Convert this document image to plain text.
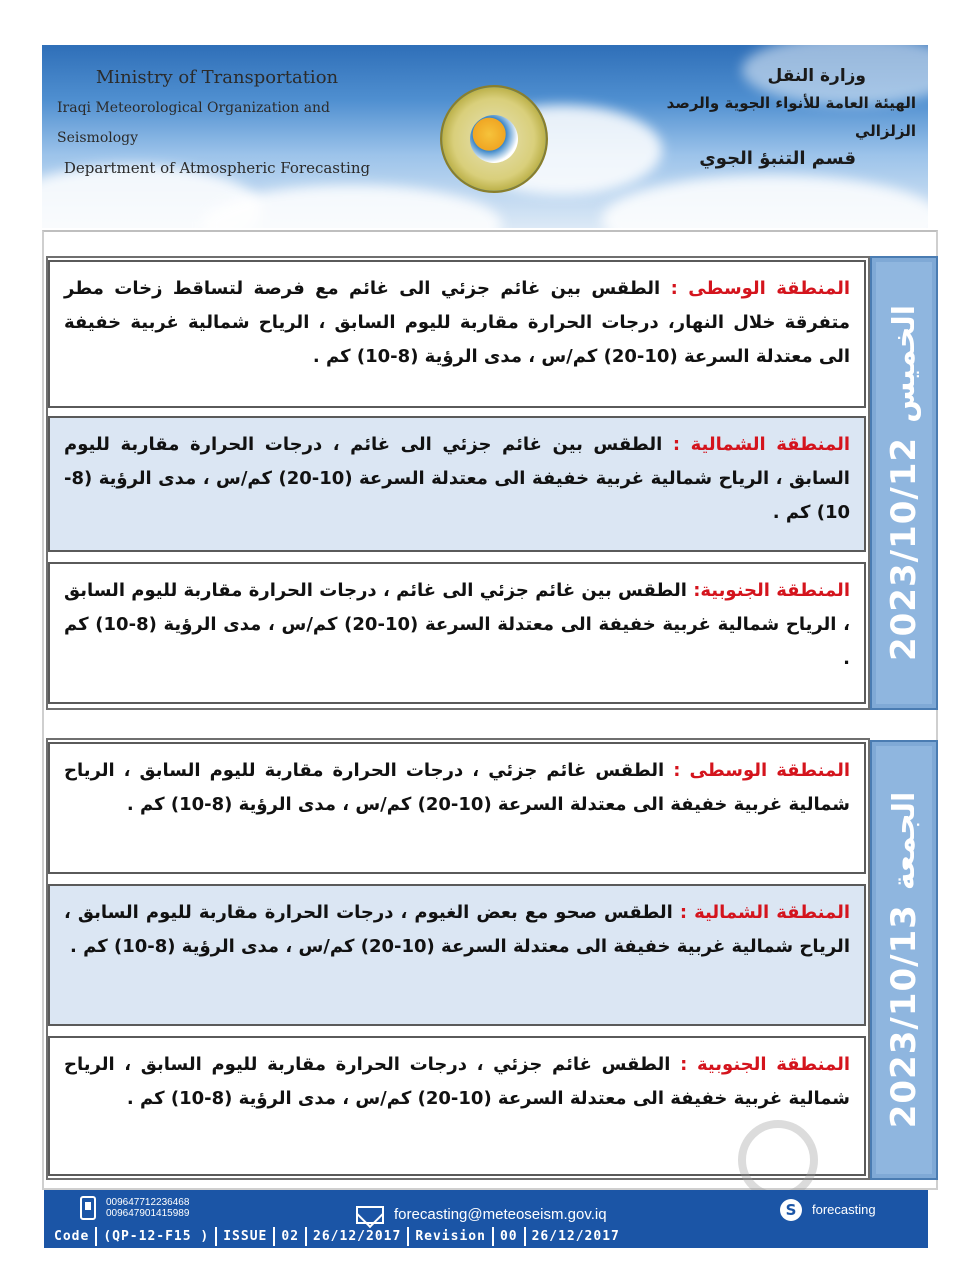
Ministry of Transportation
Iraqi Meteorological Organization and Seismology
Department of Atmospheric Forecasting
وزارة النقل
الهيئة العامة للأنواء الجوية والرصد الزلزالي
قسم التنبؤ الجوي
2023/10/12
الخميس
المنطقة الوسطى : الطقس بين غائم جزئي الى غائم مع فرصة لتساقط زخات مطر متفرقة خلال النهار، درجات الحرارة مقاربة لليوم السابق ، الرياح شمالية غربية خفيفة الى معتدلة السرعة (10-20) كم/س ، مدى الرؤية (8-10) كم .
المنطقة الشمالية : الطقس بين غائم جزئي الى غائم ، درجات الحرارة مقاربة لليوم السابق ، الرياح شمالية غربية خفيفة الى معتدلة السرعة (10-20) كم/س ، مدى الرؤية (8-10) كم .
المنطقة الجنوبية: الطقس بين غائم جزئي الى غائم ، درجات الحرارة مقاربة لليوم السابق ، الرياح شمالية غربية خفيفة الى معتدلة السرعة (10-20) كم/س ، مدى الرؤية (8-10) كم .
2023/10/13
الجمعة
المنطقة الوسطى : الطقس غائم جزئي ، درجات الحرارة مقاربة لليوم السابق ، الرياح شمالية غربية خفيفة الى معتدلة السرعة (10-20) كم/س ، مدى الرؤية (8-10) كم .
المنطقة الشمالية : الطقس صحو مع بعض الغيوم ، درجات الحرارة مقاربة لليوم السابق ، الرياح شمالية غربية خفيفة الى معتدلة السرعة (10-20) كم/س ، مدى الرؤية (8-10) كم .
المنطقة الجنوبية : الطقس غائم جزئي ، درجات الحرارة مقاربة لليوم السابق ، الرياح شمالية غربية خفيفة الى معتدلة السرعة (10-20) كم/س ، مدى الرؤية (8-10) كم .
009647712236468
009647901415989	forecasting@meteoseism.gov.iq	S	forecasting
Code	(QP-12-F15 )	ISSUE	02	26/12/2017	Revision	00	26/12/2017
